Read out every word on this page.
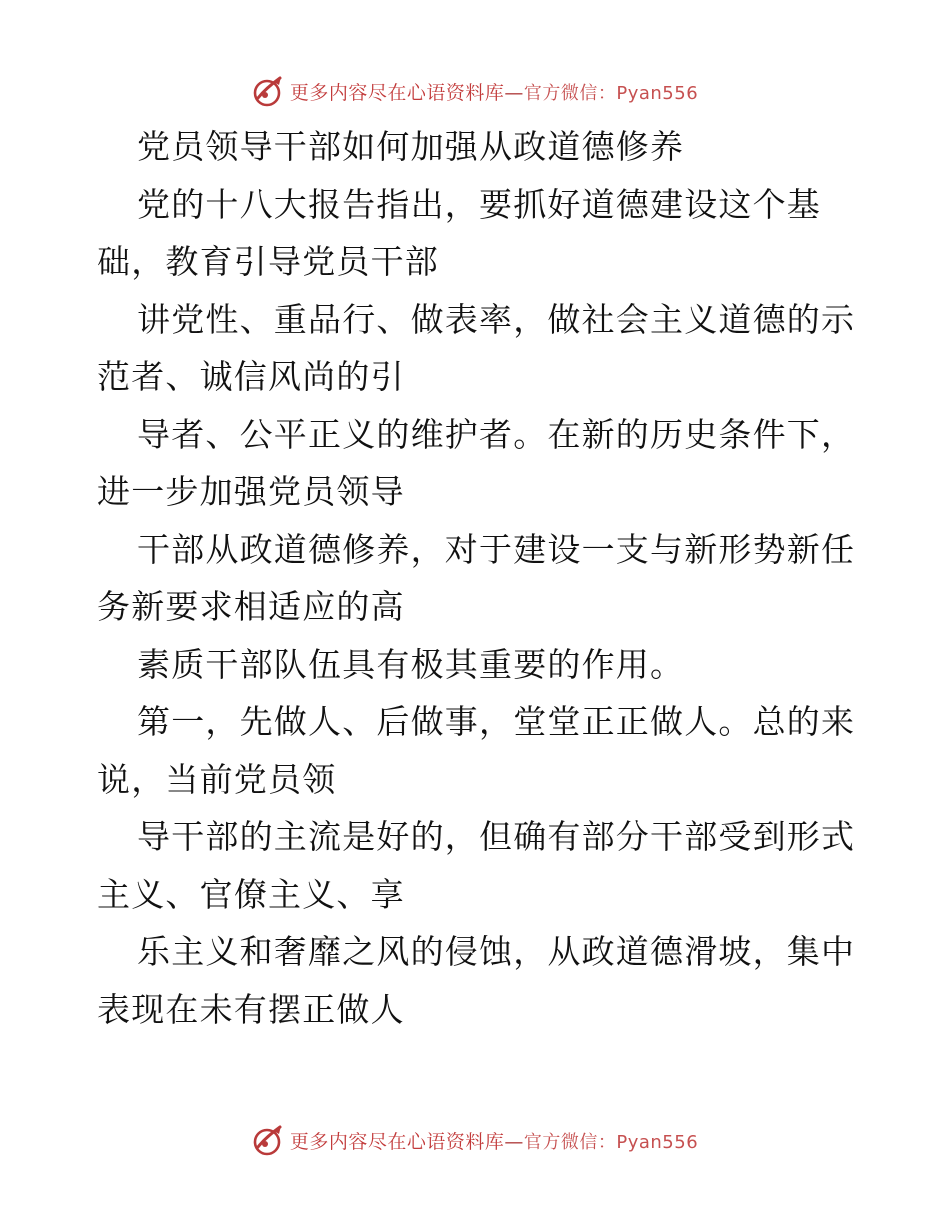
更多内容尽在心语资料库—官方微信：Pyan556
党员领导干部如何加强从政道德修养
党的十八大报告指出，要抓好道德建设这个基
础，教育引导党员干部
讲党性、重品行、做表率，做社会主义道德的示
范者、诚信风尚的引
导者、公平正义的维护者。在新的历史条件下，
进一步加强党员领导
干部从政道德修养，对于建设一支与新形势新任
务新要求相适应的高
素质干部队伍具有极其重要的作用。
第一，先做人、后做事，堂堂正正做人。总的来
说，当前党员领
导干部的主流是好的，但确有部分干部受到形式
主义、官僚主义、享
乐主义和奢靡之风的侵蚀，从政道德滑坡，集中
表现在未有摆正做人
更多内容尽在心语资料库—官方微信：Pyan556
